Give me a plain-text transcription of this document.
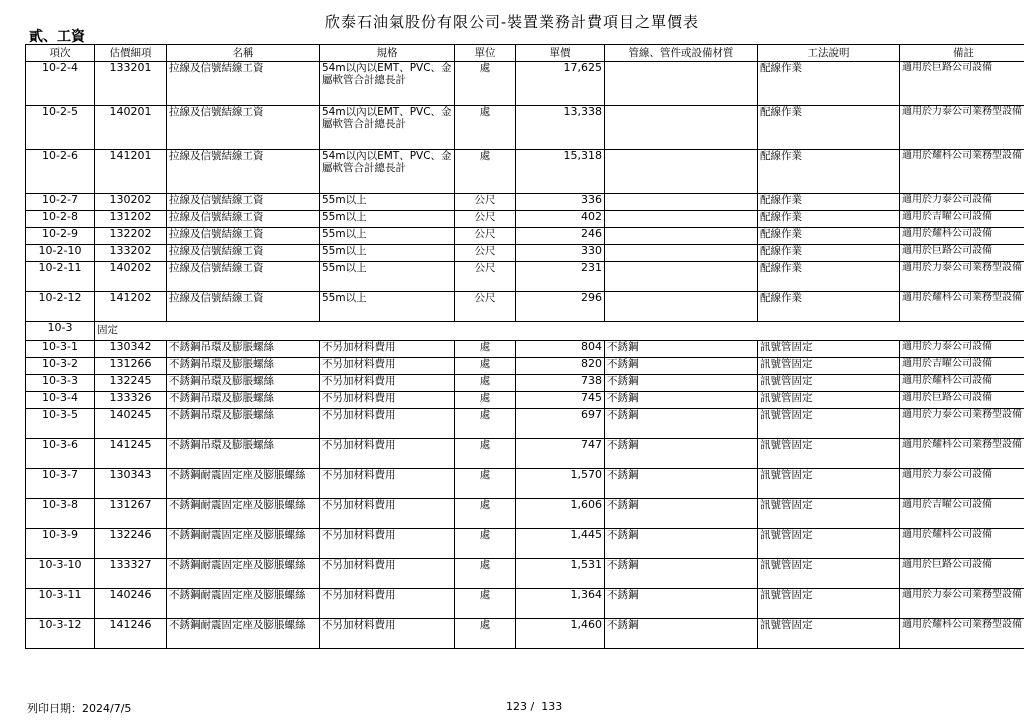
欣泰石油氣股份有限公司-裝置業務計費項目之單價表
貳、工資
項次	估價細項	名稱	規格	單位	單價	管線、管件或設備材質	工法說明	備註
10-2-4	133201	拉線及信號結線工資	54m以內以EMT、PVC、金屬軟管合計總長計	處	17,625		配線作業	適用於巨路公司設備
10-2-5	140201	拉線及信號結線工資	54m以內以EMT、PVC、金屬軟管合計總長計	處	13,338		配線作業	適用於力泰公司業務型設備
10-2-6	141201	拉線及信號結線工資	54m以內以EMT、PVC、金屬軟管合計總長計	處	15,318		配線作業	適用於耀科公司業務型設備
10-2-7	130202	拉線及信號結線工資	55m以上	公尺	336		配線作業	適用於力泰公司設備
10-2-8	131202	拉線及信號結線工資	55m以上	公尺	402		配線作業	適用於吉曜公司設備
10-2-9	132202	拉線及信號結線工資	55m以上	公尺	246		配線作業	適用於耀科公司設備
10-2-10	133202	拉線及信號結線工資	55m以上	公尺	330		配線作業	適用於巨路公司設備
10-2-11	140202	拉線及信號結線工資	55m以上	公尺	231		配線作業	適用於力泰公司業務型設備
10-2-12	141202	拉線及信號結線工資	55m以上	公尺	296		配線作業	適用於耀科公司業務型設備
10-3	固定							
10-3-1	130342	不銹鋼吊環及膨脹螺絲	不另加材料費用	處	804	不銹鋼	訊號管固定	適用於力泰公司設備
10-3-2	131266	不銹鋼吊環及膨脹螺絲	不另加材料費用	處	820	不銹鋼	訊號管固定	適用於吉曜公司設備
10-3-3	132245	不銹鋼吊環及膨脹螺絲	不另加材料費用	處	738	不銹鋼	訊號管固定	適用於耀科公司設備
10-3-4	133326	不銹鋼吊環及膨脹螺絲	不另加材料費用	處	745	不銹鋼	訊號管固定	適用於巨路公司設備
10-3-5	140245	不銹鋼吊環及膨脹螺絲	不另加材料費用	處	697	不銹鋼	訊號管固定	適用於力泰公司業務型設備
10-3-6	141245	不銹鋼吊環及膨脹螺絲	不另加材料費用	處	747	不銹鋼	訊號管固定	適用於耀科公司業務型設備
10-3-7	130343	不銹鋼耐震固定座及膨脹螺絲	不另加材料費用	處	1,570	不銹鋼	訊號管固定	適用於力泰公司設備
10-3-8	131267	不銹鋼耐震固定座及膨脹螺絲	不另加材料費用	處	1,606	不銹鋼	訊號管固定	適用於吉曜公司設備
10-3-9	132246	不銹鋼耐震固定座及膨脹螺絲	不另加材料費用	處	1,445	不銹鋼	訊號管固定	適用於耀科公司設備
10-3-10	133327	不銹鋼耐震固定座及膨脹螺絲	不另加材料費用	處	1,531	不銹鋼	訊號管固定	適用於巨路公司設備
10-3-11	140246	不銹鋼耐震固定座及膨脹螺絲	不另加材料費用	處	1,364	不銹鋼	訊號管固定	適用於力泰公司業務型設備
10-3-12	141246	不銹鋼耐震固定座及膨脹螺絲	不另加材料費用	處	1,460	不銹鋼	訊號管固定	適用於耀科公司業務型設備
列印日期：2024/7/5	123 /  133
